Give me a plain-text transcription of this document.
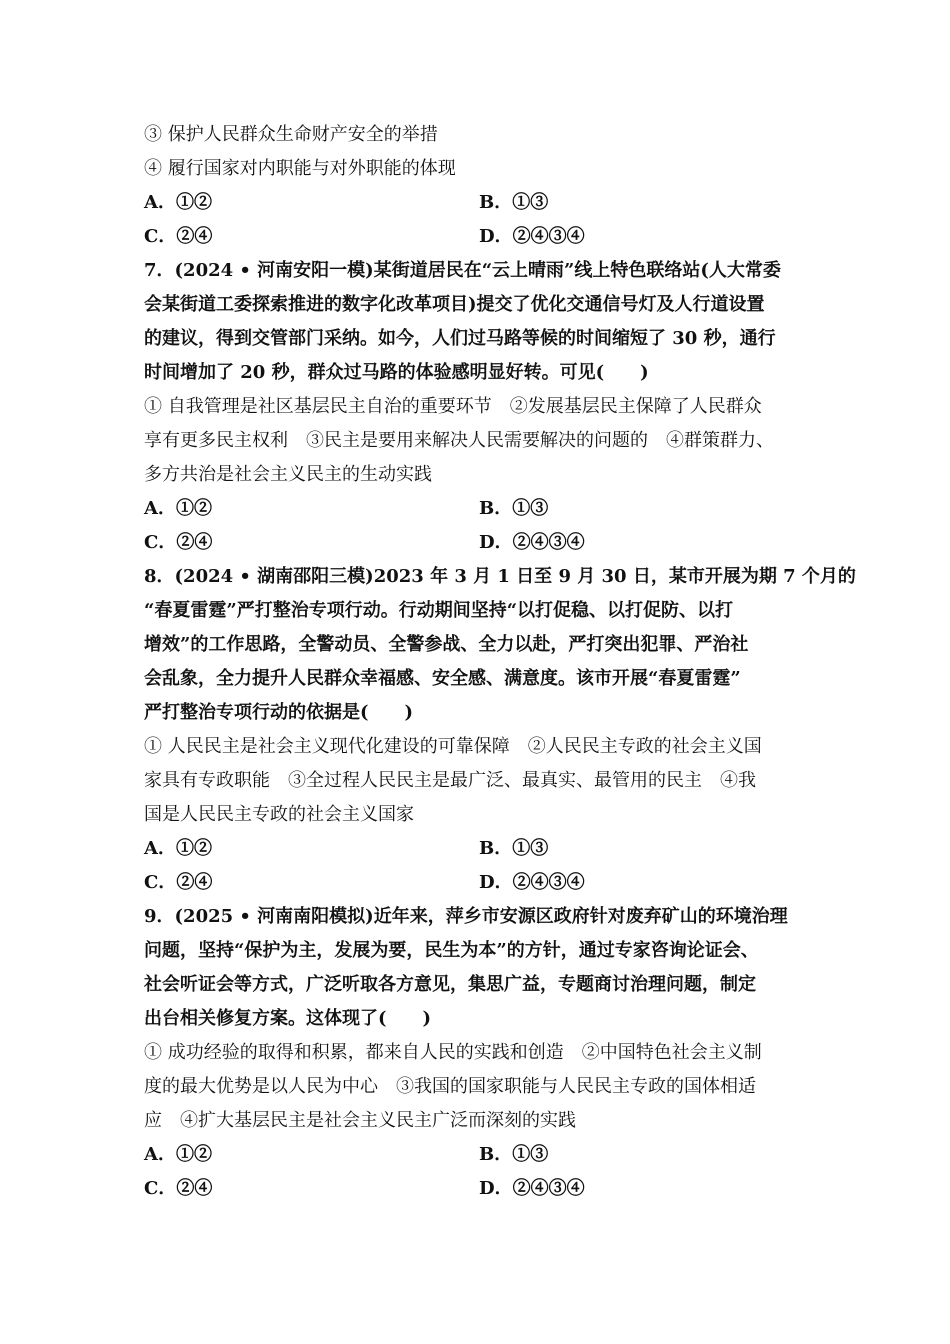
③ 保护人民群众生命财产安全的举措
④ 履行国家对内职能与对外职能的体现
A．①②	B．①③
C．②④	D．②④③④
7．(2024 • 河南安阳一模)某街道居民在“云上晴雨”线上特色联络站(人大常委
会某街道工委探索推进的数字化改革项目)提交了优化交通信号灯及人行道设置
的建议，得到交管部门采纳。如今，人们过马路等候的时间缩短了 30 秒，通行
时间增加了 20 秒，群众过马路的体验感明显好转。可见(　　)
① 自我管理是社区基层民主自治的重要环节　②发展基层民主保障了人民群众
享有更多民主权利　③民主是要用来解决人民需要解决的问题的　④群策群力、
多方共治是社会主义民主的生动实践
A．①②	B．①③
C．②④	D．②④③④
8．(2024 • 湖南邵阳三模)2023 年 3 月 1 日至 9 月 30 日，某市开展为期 7 个月的
“春夏雷霆”严打整治专项行动。行动期间坚持“以打促稳、以打促防、以打
增效”的工作思路，全警动员、全警参战、全力以赴，严打突出犯罪、严治社
会乱象，全力提升人民群众幸福感、安全感、满意度。该市开展“春夏雷霆”
严打整治专项行动的依据是(　　)
① 人民民主是社会主义现代化建设的可靠保障　②人民民主专政的社会主义国
家具有专政职能　③全过程人民民主是最广泛、最真实、最管用的民主　④我
国是人民民主专政的社会主义国家
A．①②	B．①③
C．②④	D．②④③④
9．(2025 • 河南南阳模拟)近年来，萍乡市安源区政府针对废弃矿山的环境治理
问题，坚持“保护为主，发展为要，民生为本”的方针，通过专家咨询论证会、
社会听证会等方式，广泛听取各方意见，集思广益，专题商讨治理问题，制定
出台相关修复方案。这体现了(　　)
① 成功经验的取得和积累，都来自人民的实践和创造　②中国特色社会主义制
度的最大优势是以人民为中心　③我国的国家职能与人民民主专政的国体相适
应　④扩大基层民主是社会主义民主广泛而深刻的实践
A．①②	B．①③
C．②④	D．②④③④
